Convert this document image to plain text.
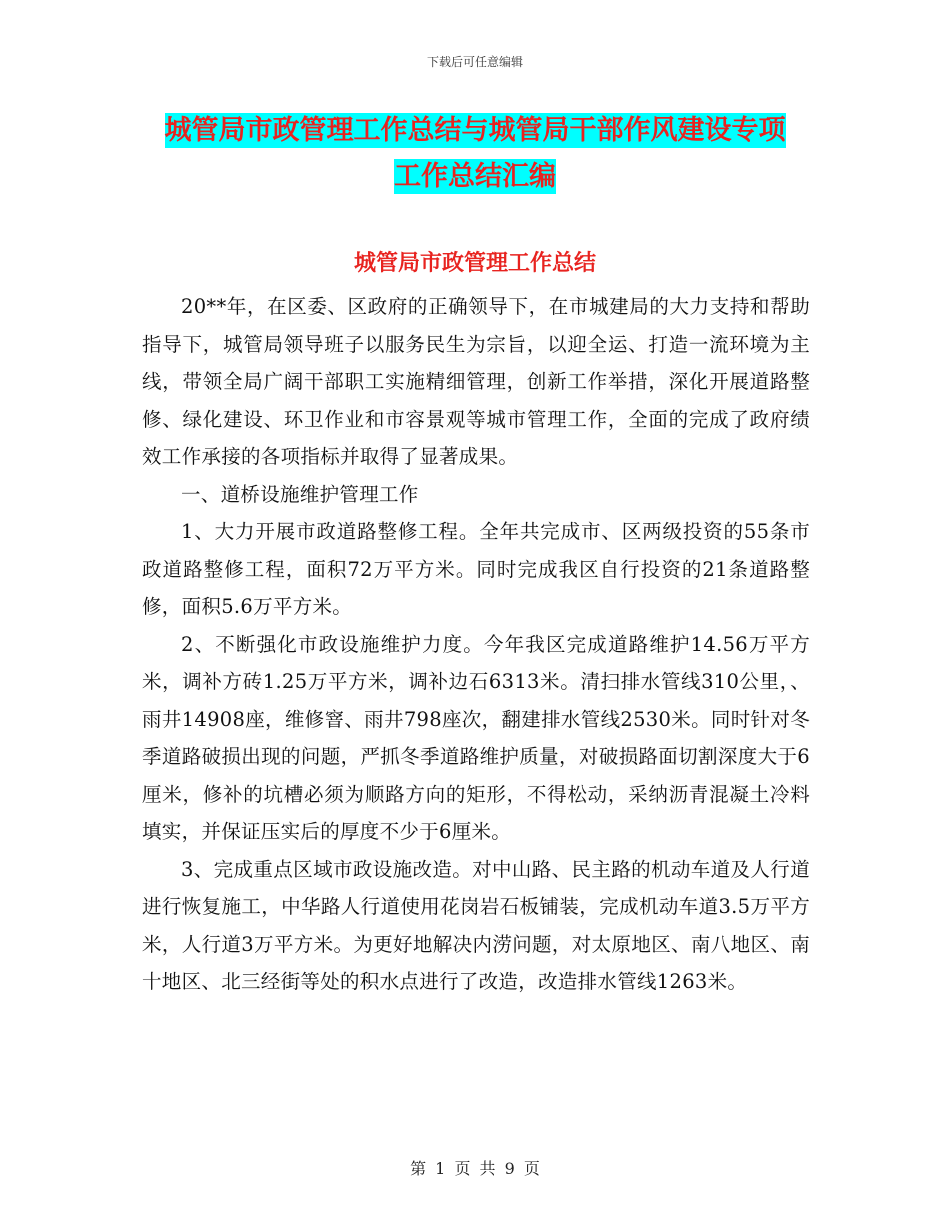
下载后可任意编辑
城管局市政管理工作总结与城管局干部作风建设专项
工作总结汇编
城管局市政管理工作总结

20**年，在区委、区政府的正确领导下，在市城建局的大力支持和帮助指导下，城管局领导班子以服务民生为宗旨，以迎全运、打造一流环境为主线，带领全局广阔干部职工实施精细管理，创新工作举措，深化开展道路整修、绿化建设、环卫作业和市容景观等城市管理工作，全面的完成了政府绩效工作承接的各项指标并取得了显著成果。

一、道桥设施维护管理工作

1、大力开展市政道路整修工程。全年共完成市、区两级投资的55条市政道路整修工程，面积72万平方米。同时完成我区自行投资的21条道路整修，面积5.6万平方米。

2、不断强化市政设施维护力度。今年我区完成道路维护14.56万平方米，调补方砖1.25万平方米，调补边石6313米。清扫排水管线310公里，、雨井14908座，维修窨、雨井798座次，翻建排水管线2530米。同时针对冬季道路破损出现的问题，严抓冬季道路维护质量，对破损路面切割深度大于6厘米，修补的坑槽必须为顺路方向的矩形，不得松动，采纳沥青混凝土冷料填实，并保证压实后的厚度不少于6厘米。

3、完成重点区域市政设施改造。对中山路、民主路的机动车道及人行道进行恢复施工，中华路人行道使用花岗岩石板铺装，完成机动车道3.5万平方米，人行道3万平方米。为更好地解决内涝问题，对太原地区、南八地区、南十地区、北三经街等处的积水点进行了改造，改造排水管线1263米。

第 1 页 共 9 页
